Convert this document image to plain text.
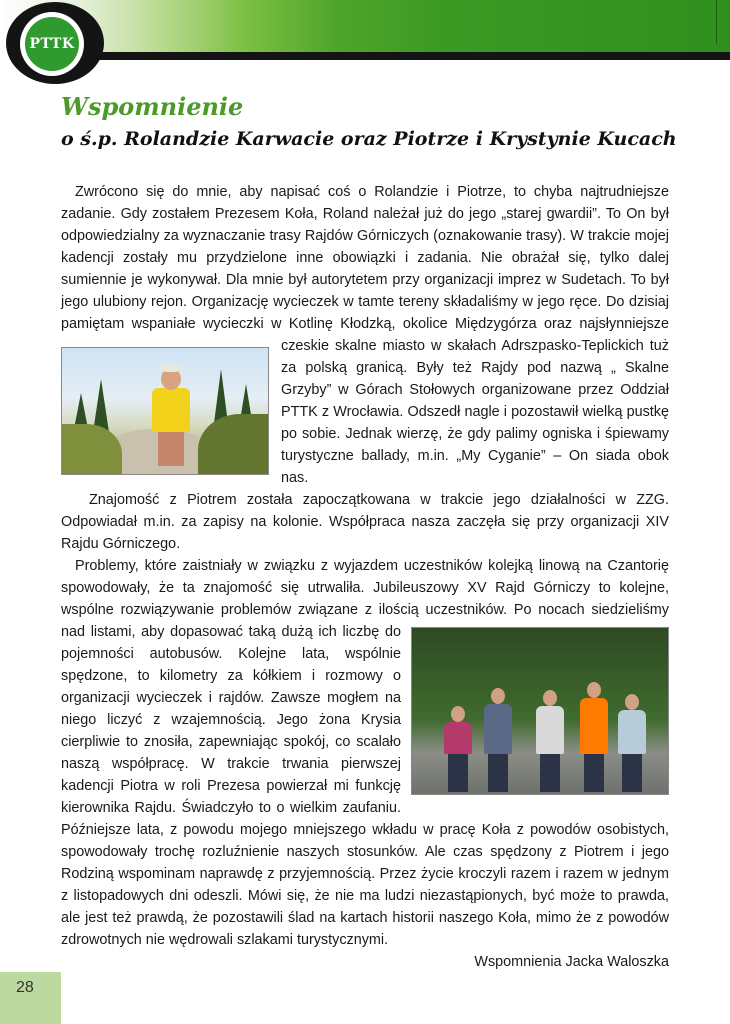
PTTK
Wspomnienie
o ś.p. Rolandzie Karwacie oraz Piotrze i Krystynie Kucach

Zwrócono się do mnie, aby napisać coś o Rolandzie i Piotrze, to chyba najtrudniejsze zadanie. Gdy zostałem Prezesem Koła, Roland należał już do jego „starej gwardii”. To On był odpowiedzialny za wyznaczanie trasy Rajdów Górniczych (oznakowanie trasy). W trakcie mojej kadencji zostały mu przydzielone inne obowiązki i zadania. Nie obrażał się, tylko dalej sumiennie je wykonywał. Dla mnie był autorytetem przy organizacji imprez w Sudetach. To był jego ulubiony rejon. Organizację wycieczek w tamte tereny składaliśmy w jego ręce. Do dzisiaj pamiętam wspaniałe wycieczki w Kotlinę Kłodzką, okolice Międzygórza oraz najsłynniejsze
czeskie skalne miasto w skałach Adrszpasko-Teplickich tuż za polską granicą. Były też Rajdy pod nazwą „ Skalne Grzyby” w Górach Stołowych organizowane przez Oddział PTTK z Wrocławia. Odszedł nagle i pozostawił wielką pustkę po sobie. Jednak wierzę, że gdy palimy ogniska i śpiewamy turystyczne ballady, m.in. „My Cyganie” – On siada obok nas.

Znajomość z Piotrem została zapoczątkowana w trakcie jego działalności w ZZG. Odpowiadał m.in. za zapisy na kolonie. Współpraca nasza zaczęła się przy organizacji XIV Rajdu Górniczego.

Problemy, które zaistniały w związku z wyjazdem uczestników kolejką linową na Czantorię spowodowały, że ta znajomość się utrwaliła. Jubileuszowy XV Rajd Górniczy to kolejne, wspólne rozwiązywanie problemów związane z ilością uczestników. Po nocach siedzieliśmy
nad listami, aby dopasować taką dużą ich liczbę do pojemności autobusów. Kolejne lata, wspólnie spędzone, to kilometry za kółkiem i rozmowy o organizacji wycieczek i rajdów. Zawsze mogłem na niego liczyć z wzajemnością. Jego żona Krysia cierpliwie to znosiła, zapewniając spokój, co scalało naszą współpracę. W trakcie trwania pierwszej kadencji Piotra w roli Prezesa powierzał mi funkcję kierownika Rajdu. Świadczyło to o wielkim zaufaniu. Późniejsze lata, z powodu mojego mniejszego wkładu w pracę Koła z powodów osobistych, spowodowały trochę rozluźnienie naszych stosunków. Ale czas spędzony z Piotrem i jego Rodziną wspominam naprawdę z przyjemnością. Przez życie kroczyli razem i razem w jednym z listopadowych dni odeszli. Mówi się, że nie ma ludzi niezastąpionych, być może to prawda, ale jest też prawdą, że pozostawili ślad na kartach historii naszego Koła, mimo że z powodów zdrowotnych nie wędrowali szlakami turystycznymi.

Wspomnienia Jacka Waloszka

28
